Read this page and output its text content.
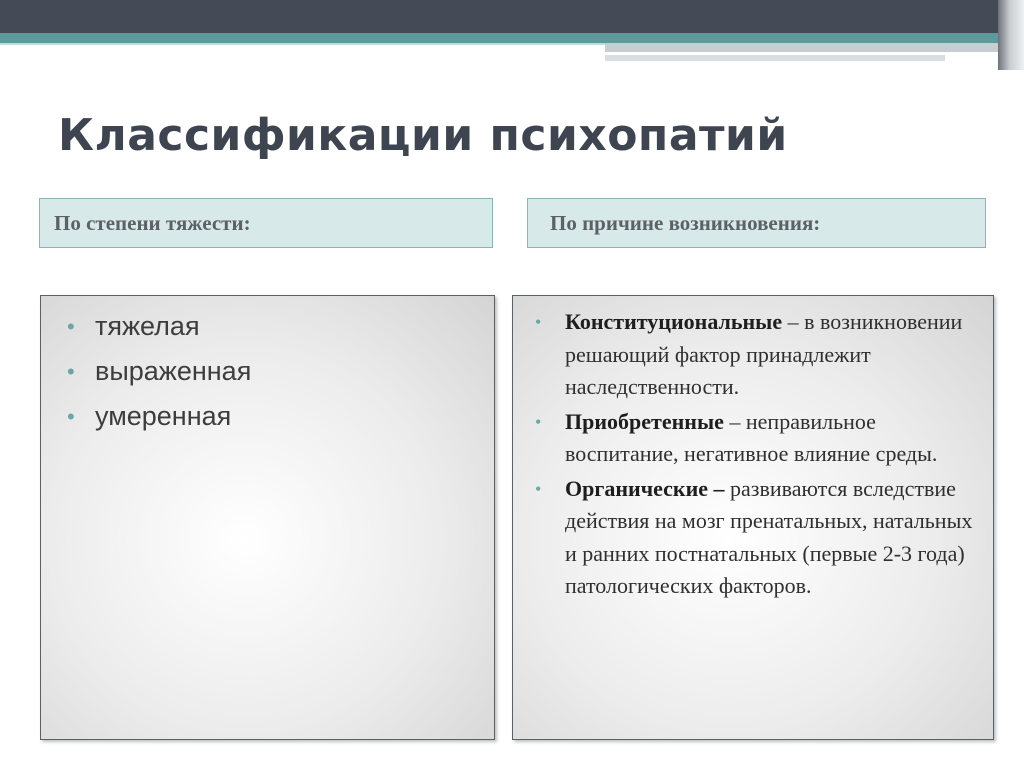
Классификации психопатий
По степени тяжести:	По причине возникновения:
• тяжелая
• выраженная
• умеренная
• Конституциональные – в возникновении решающий фактор принадлежит наследственности.
• Приобретенные – неправильное воспитание, негативное влияние среды.
• Органические – развиваются вследствие действия на мозг пренатальных, натальных и ранних постнатальных (первые 2-3 года) патологических факторов.
